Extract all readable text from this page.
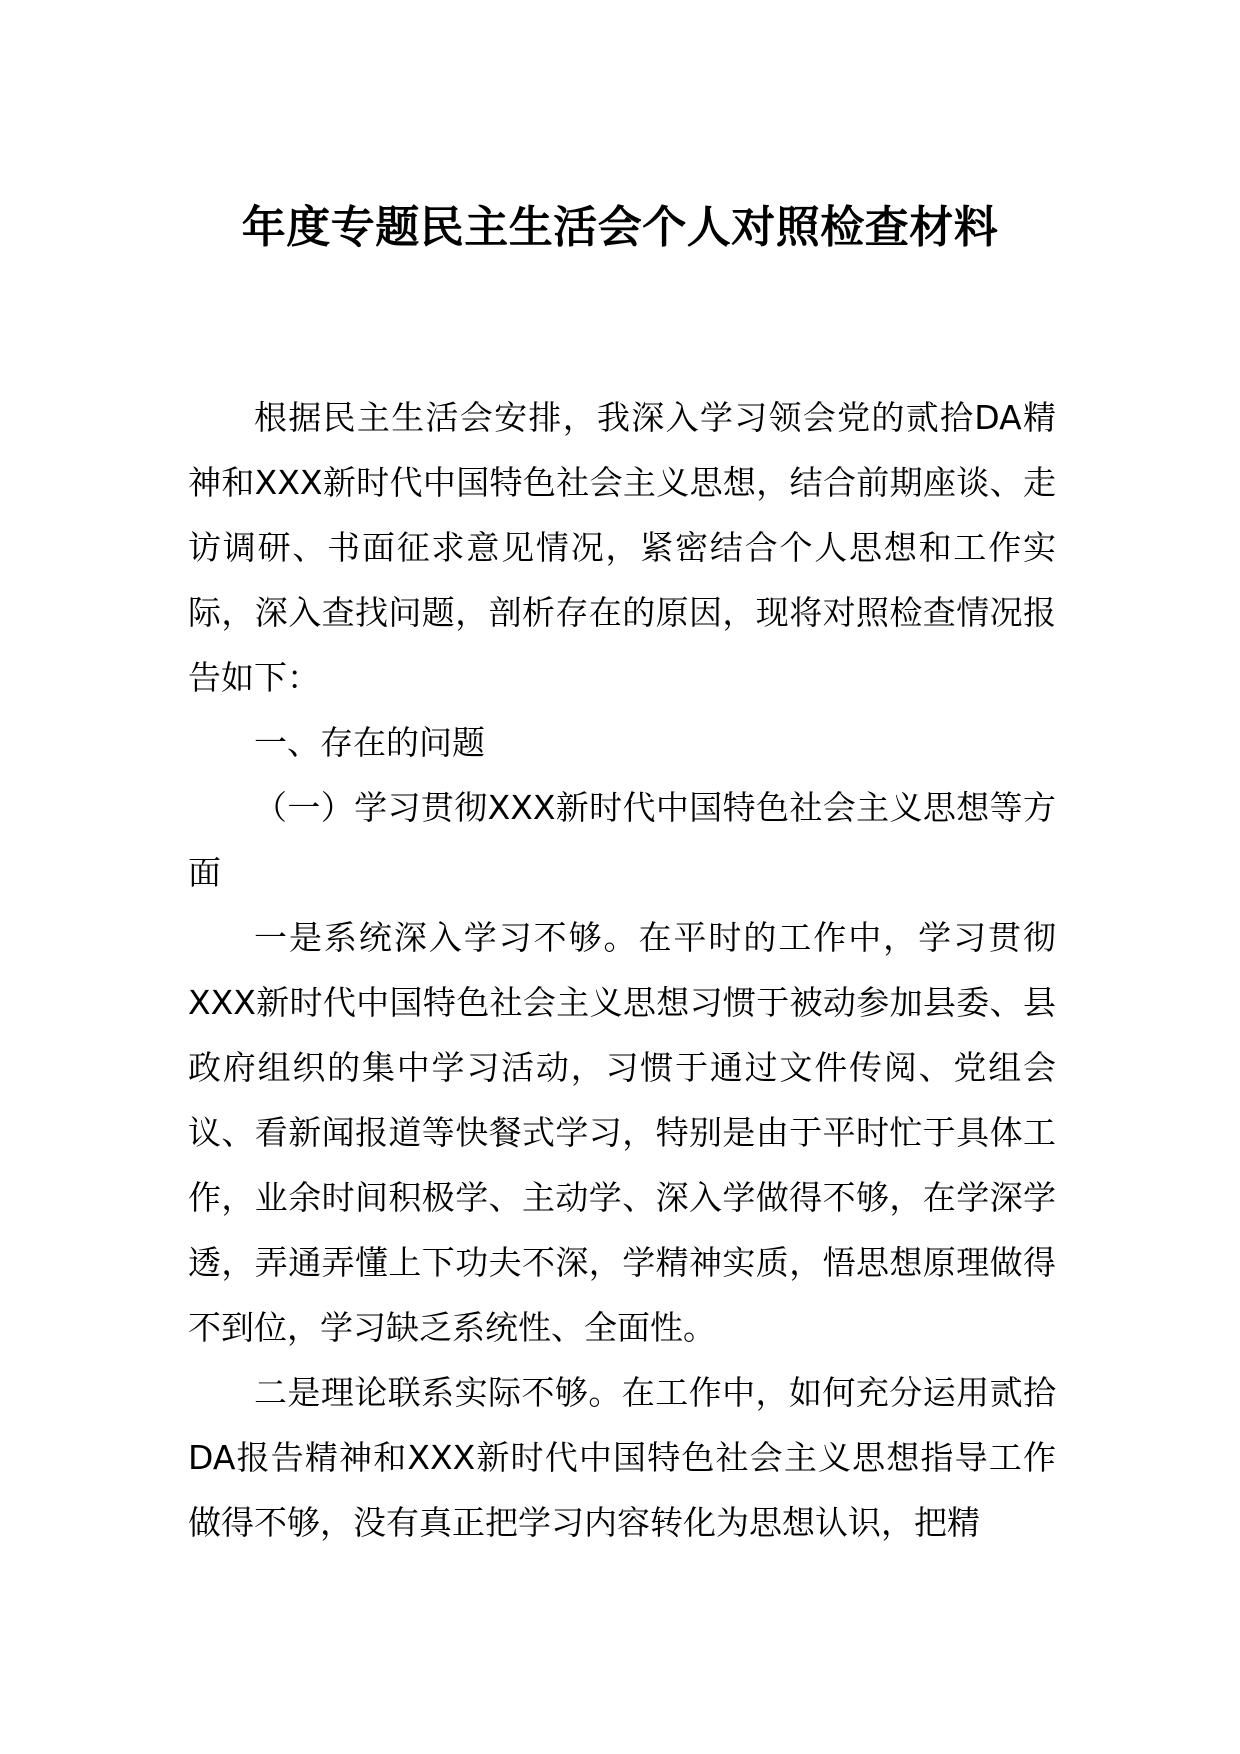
年度专题民主生活会个人对照检查材料

根据民主生活会安排，我深入学习领会党的贰拾DA精神和XXX新时代中国特色社会主义思想，结合前期座谈、走访调研、书面征求意见情况，紧密结合个人思想和工作实际，深入查找问题，剖析存在的原因，现将对照检查情况报告如下：

一、存在的问题

（一）学习贯彻XXX新时代中国特色社会主义思想等方面

一是系统深入学习不够。在平时的工作中，学习贯彻XXX新时代中国特色社会主义思想习惯于被动参加县委、县政府组织的集中学习活动，习惯于通过文件传阅、党组会议、看新闻报道等快餐式学习，特别是由于平时忙于具体工作，业余时间积极学、主动学、深入学做得不够，在学深学透，弄通弄懂上下功夫不深，学精神实质，悟思想原理做得不到位，学习缺乏系统性、全面性。

二是理论联系实际不够。在工作中，如何充分运用贰拾DA报告精神和XXX新时代中国特色社会主义思想指导工作做得不够，没有真正把学习内容转化为思想认识，把精
